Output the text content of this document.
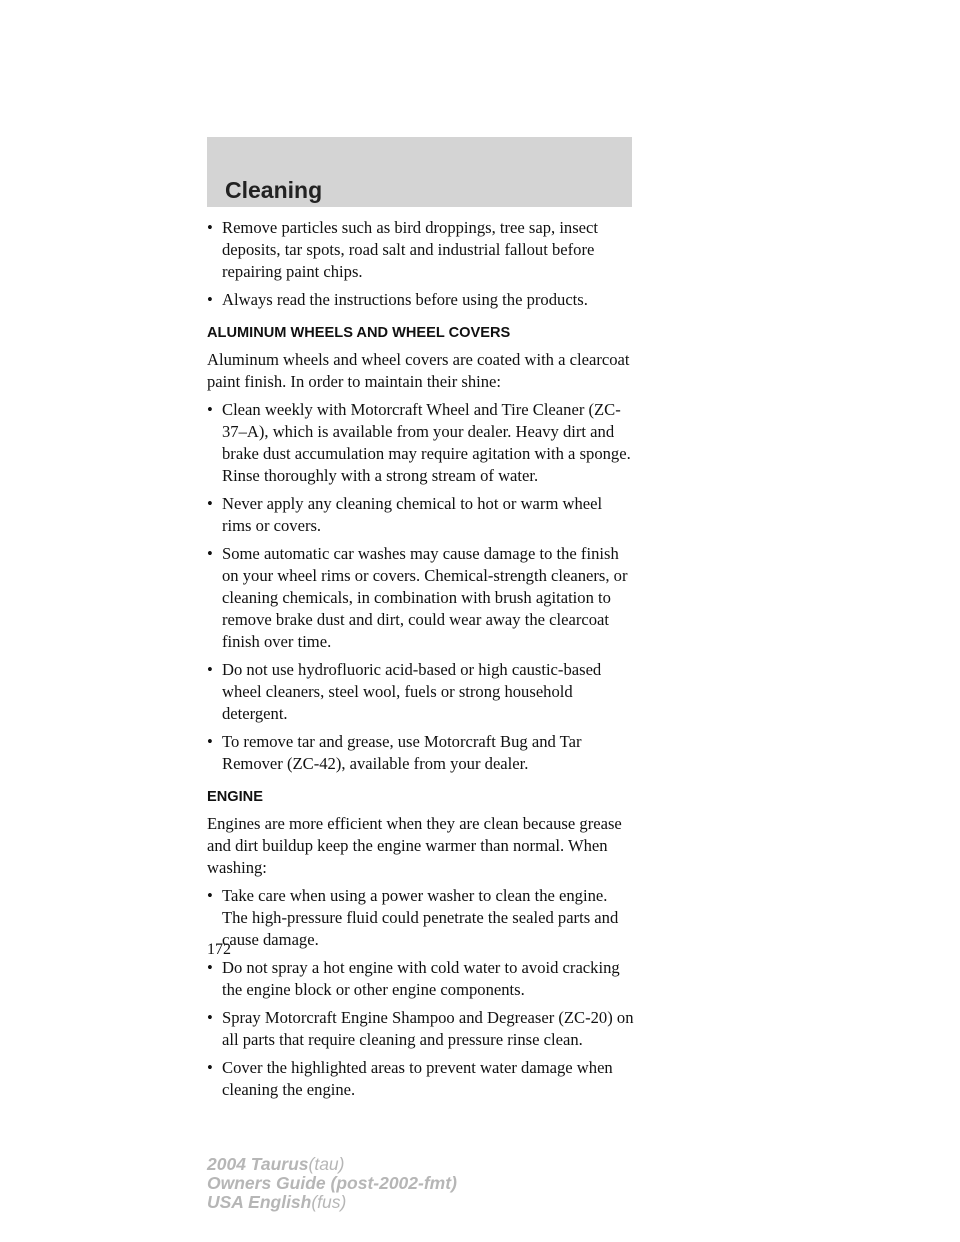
Cleaning
• Remove particles such as bird droppings, tree sap, insect deposits, tar spots, road salt and industrial fallout before repairing paint chips.
• Always read the instructions before using the products.
ALUMINUM WHEELS AND WHEEL COVERS

Aluminum wheels and wheel covers are coated with a clearcoat paint finish. In order to maintain their shine:

• Clean weekly with Motorcraft Wheel and Tire Cleaner (ZC-37–A), which is available from your dealer. Heavy dirt and brake dust accumulation may require agitation with a sponge. Rinse thoroughly with a strong stream of water.
• Never apply any cleaning chemical to hot or warm wheel rims or covers.
• Some automatic car washes may cause damage to the finish on your wheel rims or covers. Chemical-strength cleaners, or cleaning chemicals, in combination with brush agitation to remove brake dust and dirt, could wear away the clearcoat finish over time.
• Do not use hydrofluoric acid-based or high caustic-based wheel cleaners, steel wool, fuels or strong household detergent.
• To remove tar and grease, use Motorcraft Bug and Tar Remover (ZC-42), available from your dealer.
ENGINE

Engines are more efficient when they are clean because grease and dirt buildup keep the engine warmer than normal. When washing:

• Take care when using a power washer to clean the engine. The high-pressure fluid could penetrate the sealed parts and cause damage.
• Do not spray a hot engine with cold water to avoid cracking the engine block or other engine components.
• Spray Motorcraft Engine Shampoo and Degreaser (ZC-20) on all parts that require cleaning and pressure rinse clean.
• Cover the highlighted areas to prevent water damage when cleaning the engine.
172
2004 Taurus(tau)
Owners Guide (post-2002-fmt)
USA English(fus)
